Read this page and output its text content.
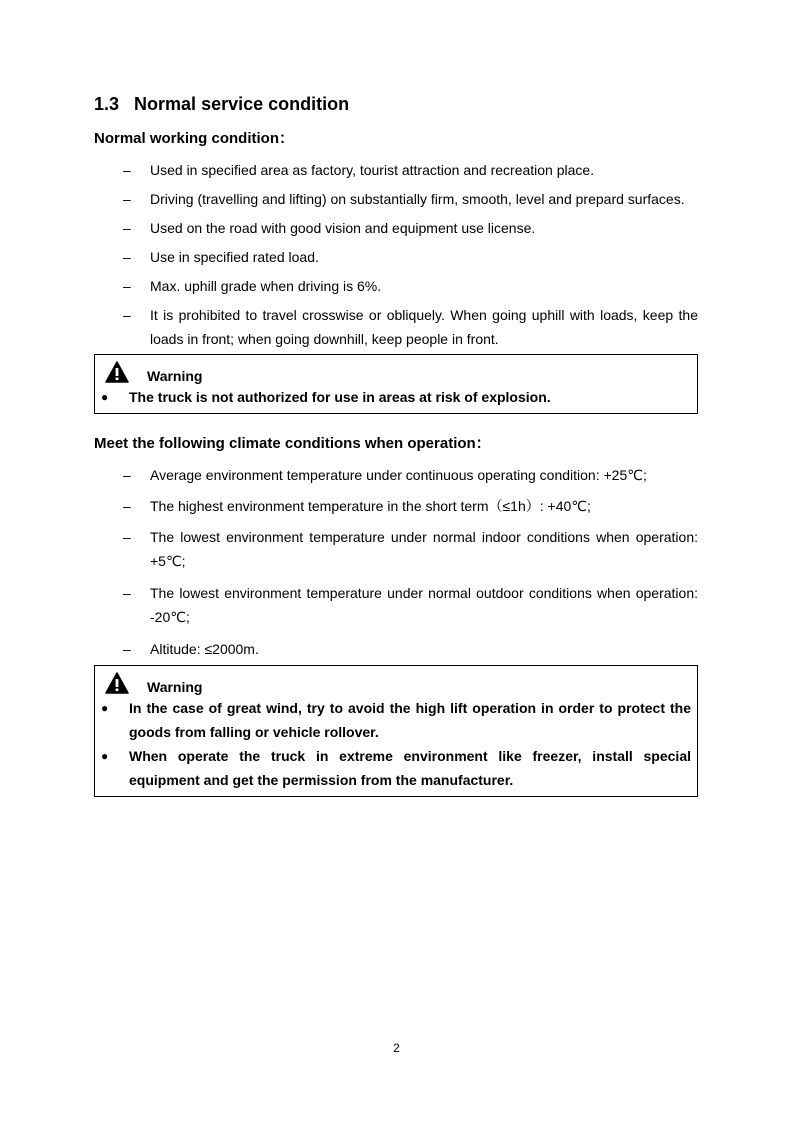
1.3 Normal service condition
Normal working condition：
– Used in specified area as factory, tourist attraction and recreation place.
– Driving (travelling and lifting) on substantially firm, smooth, level and prepard surfaces.
– Used on the road with good vision and equipment use license.
– Use in specified rated load.
– Max. uphill grade when driving is 6%.
– It is prohibited to travel crosswise or obliquely. When going uphill with loads, keep the loads in front; when going downhill, keep people in front.
Warning
● The truck is not authorized for use in areas at risk of explosion.
Meet the following climate conditions when operation：
– Average environment temperature under continuous operating condition: +25℃;
– The highest environment temperature in the short term（≤1h）: +40℃;
– The lowest environment temperature under normal indoor conditions when operation: +5℃;
– The lowest environment temperature under normal outdoor conditions when operation: -20℃;
– Altitude: ≤2000m.
Warning
● In the case of great wind, try to avoid the high lift operation in order to protect the goods from falling or vehicle rollover.
● When operate the truck in extreme environment like freezer, install special equipment and get the permission from the manufacturer.
2
